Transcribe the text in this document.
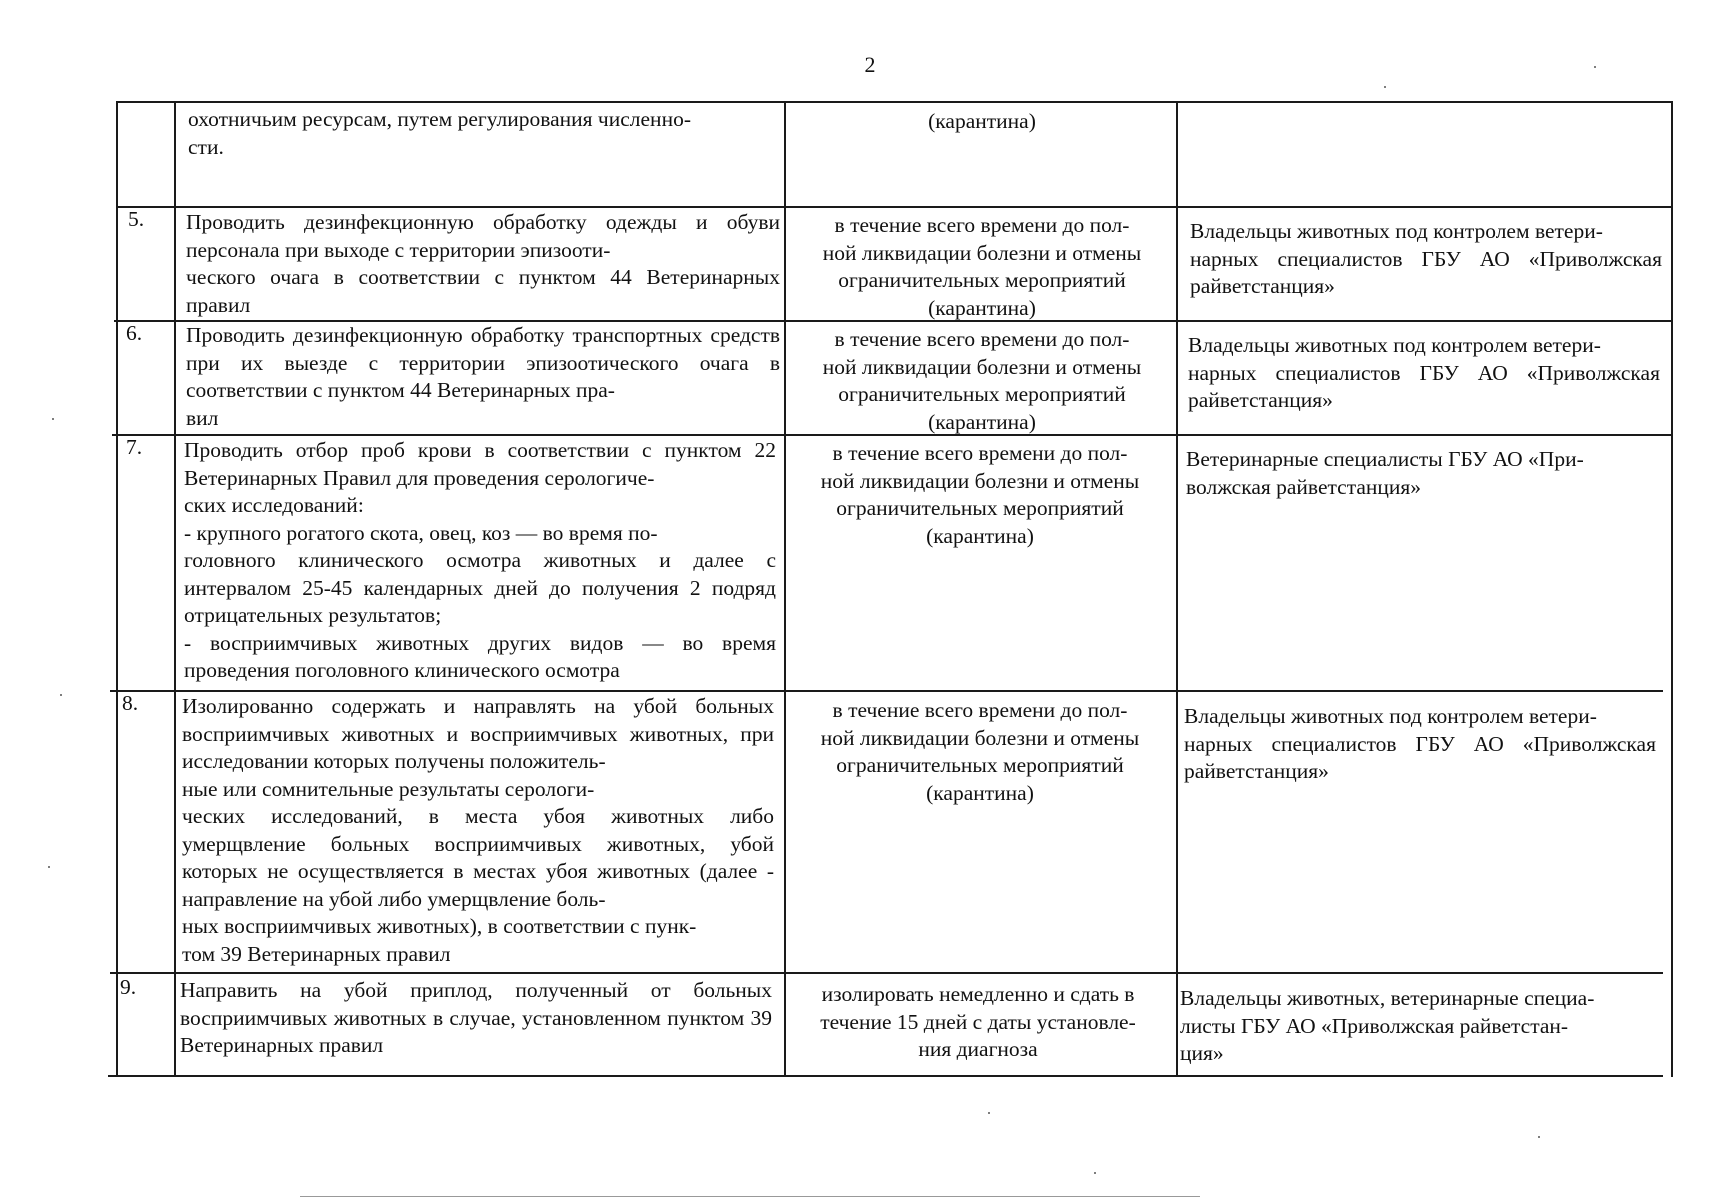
2
охотничьим ресурсам, путем регулирования численно-
сти.
(карантина)
5. Проводить дезинфекционную обработку одежды и обуви персонала при выходе с территории эпизооти-
ческого очага в соответствии с пунктом 44 Ветеринарных правил
в течение всего времени до пол-
ной ликвидации болезни и отмены
ограничительных мероприятий
(карантина)
Владельцы животных под контролем ветери-
нарных специалистов ГБУ АО «Приволжская райветстанция»
6. Проводить дезинфекционную обработку транспортных средств при их выезде с территории эпизоотического очага в соответствии с пунктом 44 Ветеринарных пра-
вил
в течение всего времени до пол-
ной ликвидации болезни и отмены
ограничительных мероприятий
(карантина)
Владельцы животных под контролем ветери-
нарных специалистов ГБУ АО «Приволжская райветстанция»
7. Проводить отбор проб крови в соответствии с пунктом 22 Ветеринарных Правил для проведения серологиче-
ских исследований:
- крупного рогатого скота, овец, коз — во время по-
головного клинического осмотра животных и далее с интервалом 25-45 календарных дней до получения 2 подряд отрицательных результатов;
- восприимчивых животных других видов — во время проведения поголовного клинического осмотра
в течение всего времени до пол-
ной ликвидации болезни и отмены
ограничительных мероприятий
(карантина)
Ветеринарные специалисты ГБУ АО «При-
волжская райветстанция»
8. Изолированно содержать и направлять на убой больных восприимчивых животных и восприимчивых животных, при исследовании которых получены положитель-
ные или сомнительные результаты серологи-
ческих исследований, в места убоя животных либо умерщвление больных восприимчивых животных, убой которых не осуществляется в местах убоя животных (далее - направление на убой либо умерщвление боль-
ных восприимчивых животных), в соответствии с пунк-
том 39 Ветеринарных правил
в течение всего времени до пол-
ной ликвидации болезни и отмены
ограничительных мероприятий
(карантина)
Владельцы животных под контролем ветери-
нарных специалистов ГБУ АО «Приволжская райветстанция»
9. Направить на убой приплод, полученный от больных восприимчивых животных в случае, установленном пунктом 39 Ветеринарных правил
изолировать немедленно и сдать в
течение 15 дней с даты установле-
ния диагноза
Владельцы животных, ветеринарные специа-
листы ГБУ АО «Приволжская райветстан-
ция»
